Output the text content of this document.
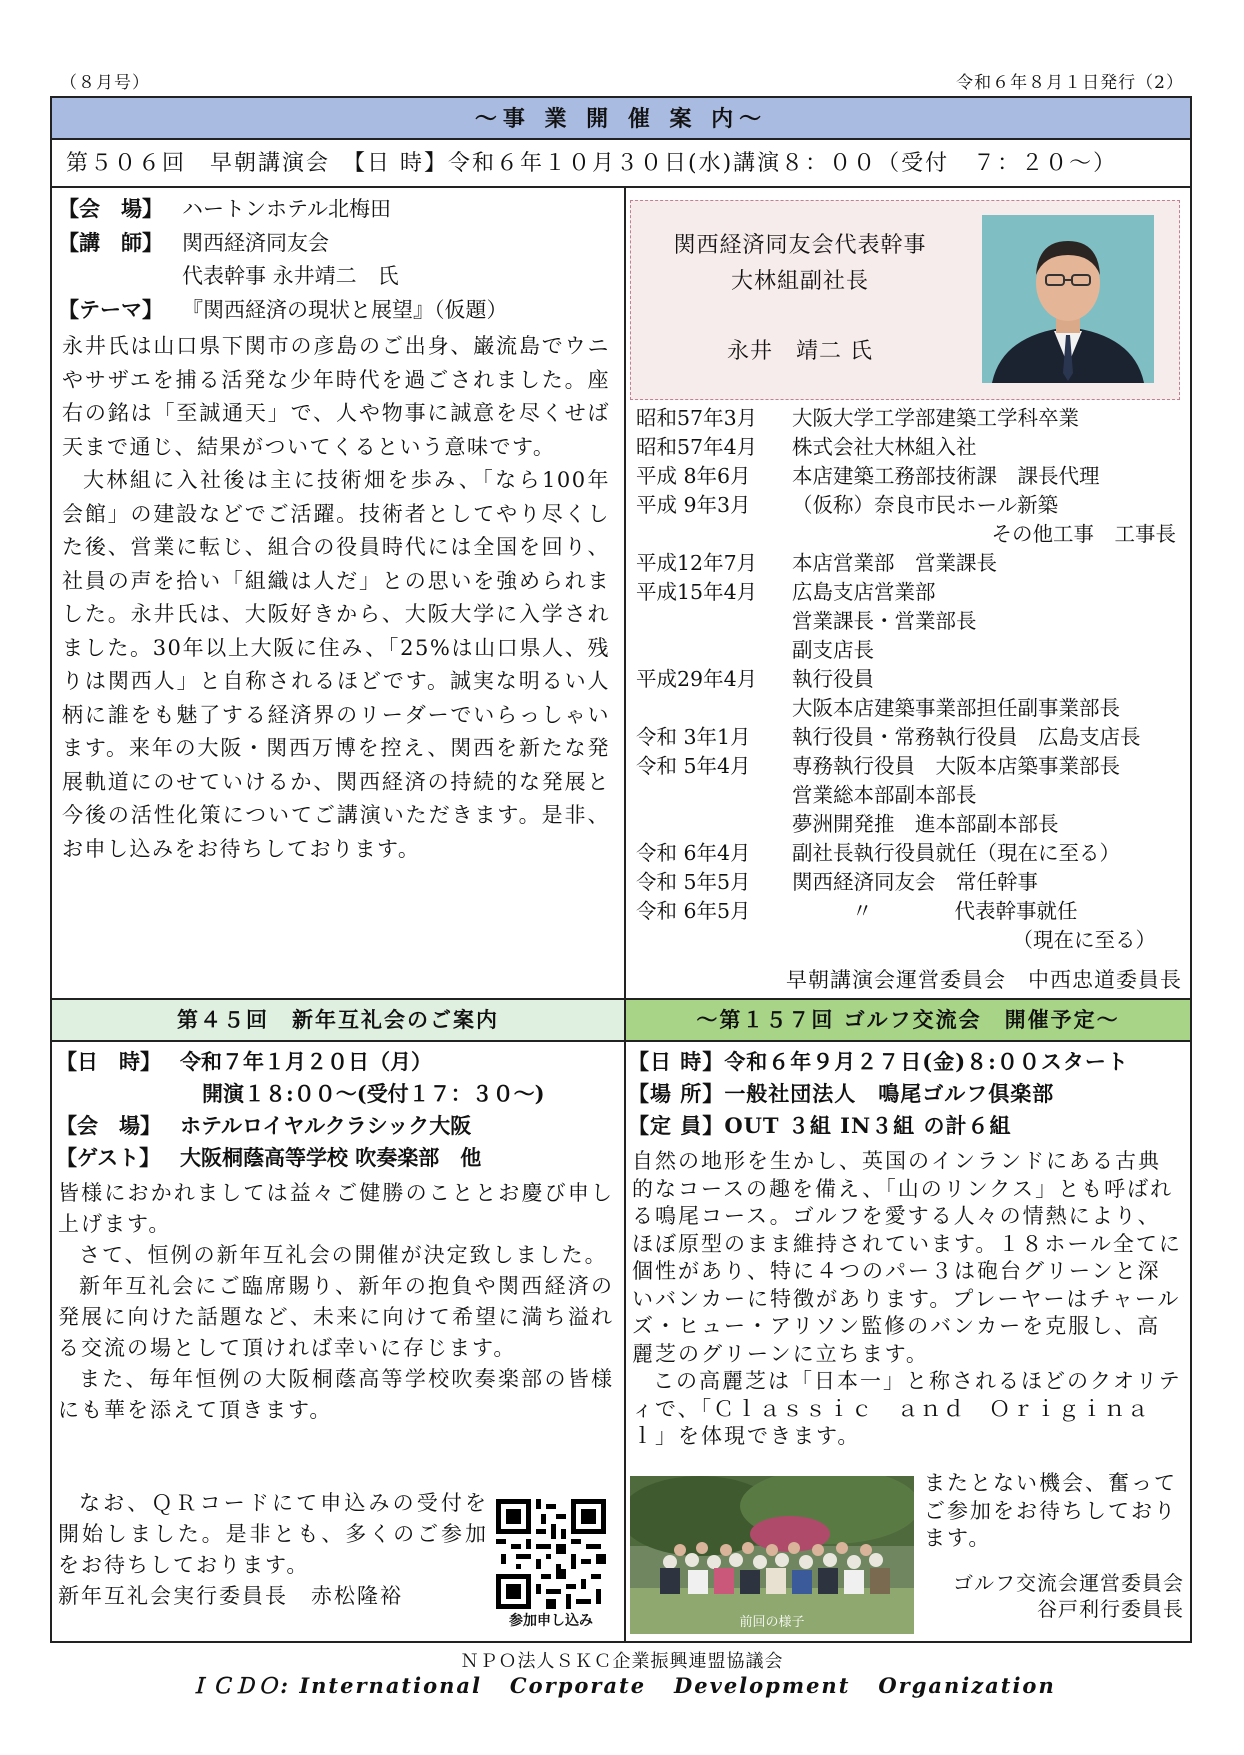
（８月号）	令和６年８月１日発行（2）
～事 業 開 催 案 内～
第５０６回　早朝講演会　【日 時】令和６年１０月３０日(水)講演８：００（受付　７：２０～）
【会　場】 ハートンホテル北梅田
【講　師】 関西経済同友会
代表幹事 永井靖二　氏
【テーマ】 『関西経済の現状と展望』（仮題）

永井氏は山口県下関市の彦島のご出身、巌流島でウニやサザエを捕る活発な少年時代を過ごされました。座右の銘は「至誠通天」で、人や物事に誠意を尽くせば天まで通じ、結果がついてくるという意味です。

大林組に入社後は主に技術畑を歩み、「なら100年会館」の建設などでご活躍。技術者としてやり尽くした後、営業に転じ、組合の役員時代には全国を回り、社員の声を拾い「組織は人だ」との思いを強められました。永井氏は、大阪好きから、大阪大学に入学されました。30年以上大阪に住み、「25%は山口県人、残りは関西人」と自称されるほどです。誠実な明るい人柄に誰をも魅了する経済界のリーダーでいらっしゃいます。来年の大阪・関西万博を控え、関西を新たな発展軌道にのせていけるか、関西経済の持続的な発展と今後の活性化策についてご講演いただきます。是非、お申し込みをお待ちしております。

関西経済同友会代表幹事
大林組副社長
永井　靖二 氏
昭和57年3月	大阪大学工学部建築工学科卒業
昭和57年4月	株式会社大林組入社
平成 8年6月	本店建築工務部技術課　課長代理
平成 9年3月	（仮称）奈良市民ホール新築
その他工事　工事長
平成12年7月	本店営業部　営業課長
平成15年4月	広島支店営業部
営業課長・営業部長
副支店長
平成29年4月	執行役員
大阪本店建築事業部担任副事業部長
令和 3年1月	執行役員・常務執行役員　広島支店長
令和 5年4月	専務執行役員　大阪本店築事業部長
営業総本部副本部長
夢洲開発推　進本部副本部長
令和 6年4月	副社長執行役員就任（現在に至る）
令和 5年5月	関西経済同友会　常任幹事
令和 6年5月	〃　　　　代表幹事就任
（現在に至る）
早朝講演会運営委員会　中西忠道委員長
第４５回　新年互礼会のご案内	～第１５７回 ゴルフ交流会　開催予定～
【日　時】 令和７年１月２０日（月）
開演１８:００～(受付１７：３０～)
【会　場】 ホテルロイヤルクラシック大阪
【ゲスト】 大阪桐蔭高等学校 吹奏楽部　他

皆様におかれましては益々ご健勝のこととお慶び申し上げます。

さて、恒例の新年互礼会の開催が決定致しました。

新年互礼会にご臨席賜り、新年の抱負や関西経済の発展に向けた話題など、未来に向けて希望に満ち溢れる交流の場として頂ければ幸いに存じます。

また、毎年恒例の大阪桐蔭高等学校吹奏楽部の皆様にも華を添えて頂きます。

なお、ＱＲコードにて申込みの受付を開始しました。是非とも、多くのご参加をお待ちしております。

新年互礼会実行委員長　赤松隆裕

参加申し込み
【日 時】令和６年９月２７日(金)８:００スタート
【場 所】一般社団法人　鳴尾ゴルフ倶楽部
【定 員】OUT ３組 IN３組 の計６組

自然の地形を生かし、英国のインランドにある古典的なコースの趣を備え、「山のリンクス」とも呼ばれる鳴尾コース。ゴルフを愛する人々の情熱により、ほぼ原型のまま維持されています。１８ホール全てに個性があり、特に４つのパー３は砲台グリーンと深いバンカーに特徴があります。プレーヤーはチャールズ・ヒュー・アリソン監修のバンカーを克服し、高麗芝のグリーンに立ちます。

この高麗芝は「日本一」と称されるほどのクオリティで、「Ｃｌａｓｓｉｃ　ａｎｄ　Ｏｒｉｇｉｎａｌ」を体現できます。

またとない機会、奮ってご参加をお待ちしております。
ゴルフ交流会運営委員会
谷戸利行委員長
前回の様子
ＮＰＯ法人ＳＫＣ企業振興連盟協議会
ＩＣＤＯ: International   Corporate   Development   Organization
